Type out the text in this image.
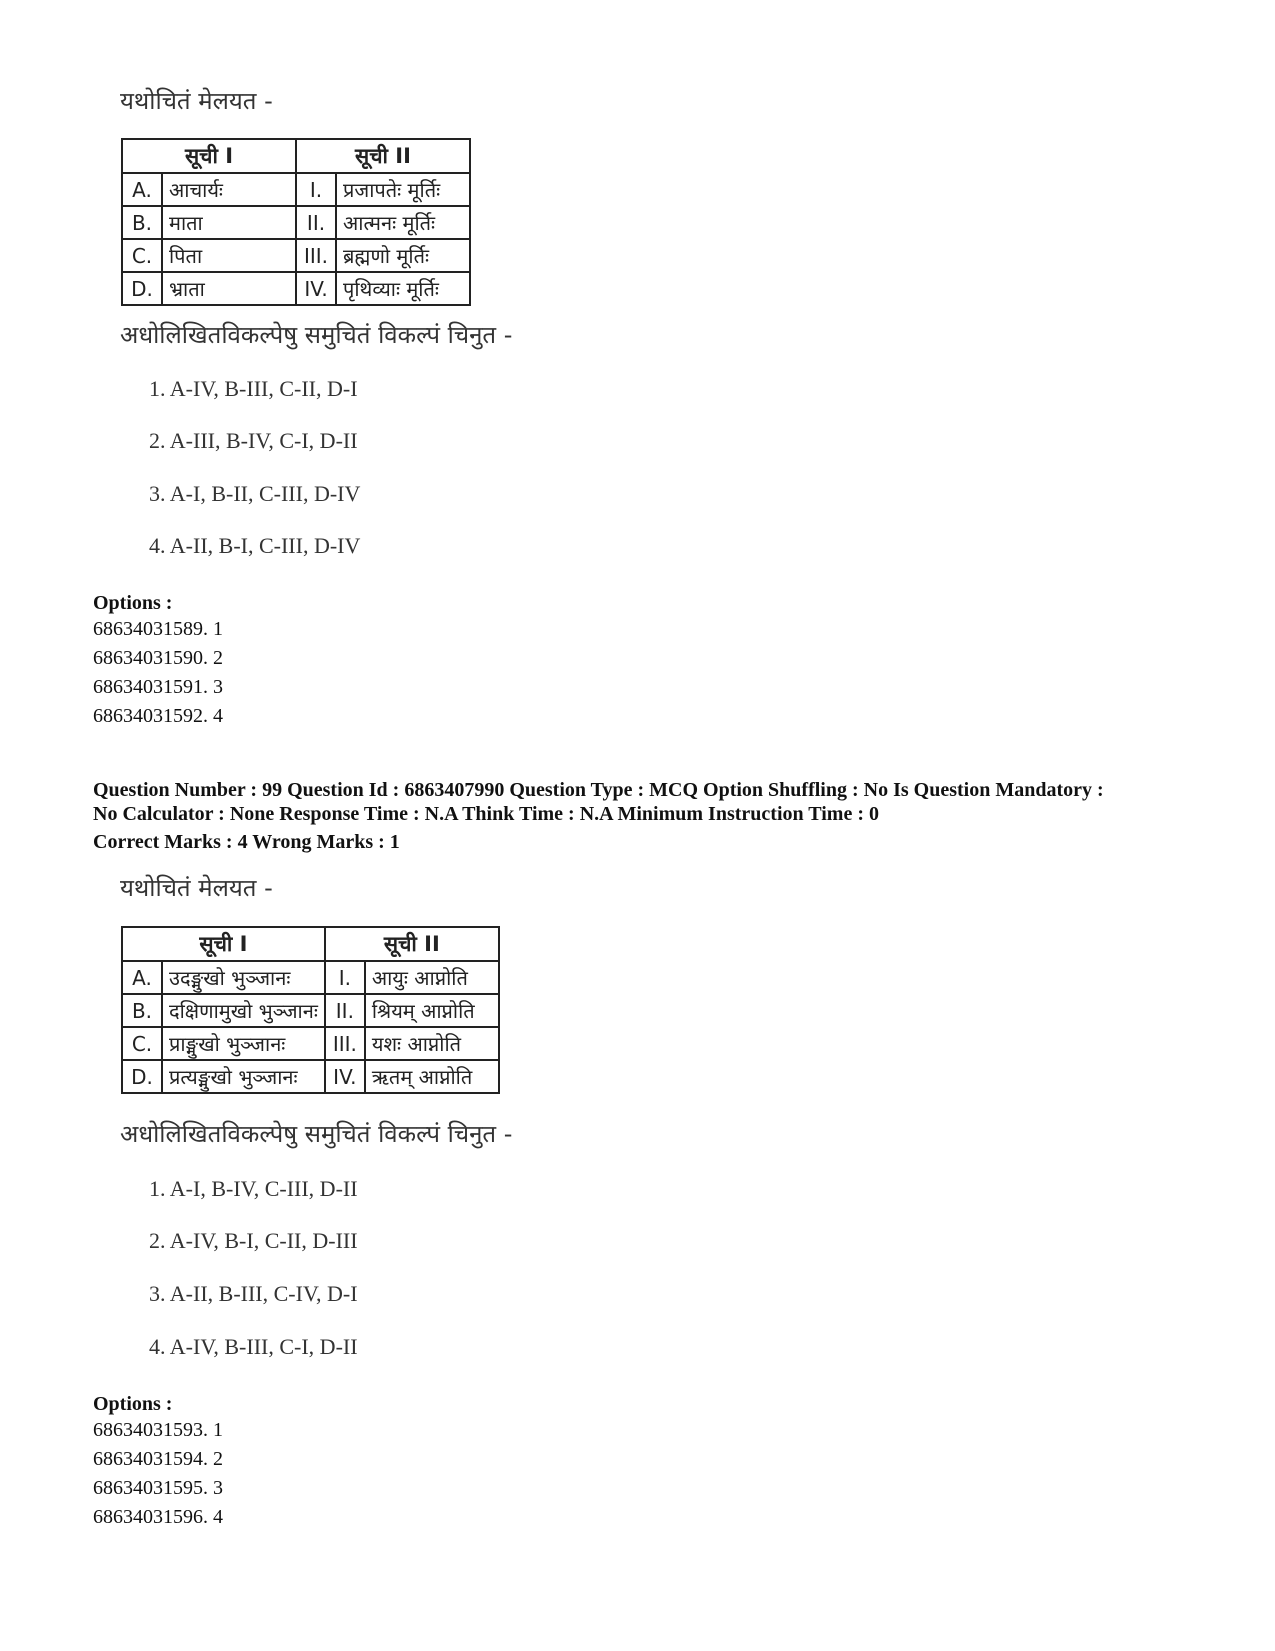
यथोचितं मेलयत -
सूची I		सूची II	
A.	आचार्यः	I.	प्रजापतेः मूर्तिः
B.	माता	II.	आत्मनः मूर्तिः
C.	पिता	III.	ब्रह्मणो मूर्तिः
D.	भ्राता	IV.	पृथिव्याः मूर्तिः
अधोलिखितविकल्पेषु समुचितं विकल्पं चिनुत -
1. A-IV, B-III, C-II, D-I
2. A-III, B-IV, C-I, D-II
3. A-I, B-II, C-III, D-IV
4. A-II, B-I, C-III, D-IV
Options :
68634031589. 1
68634031590. 2
68634031591. 3
68634031592. 4
Question Number : 99 Question Id : 6863407990 Question Type : MCQ Option Shuffling : No Is Question Mandatory :
No Calculator : None Response Time : N.A Think Time : N.A Minimum Instruction Time : 0
Correct Marks : 4 Wrong Marks : 1
यथोचितं मेलयत -
सूची I		सूची II	
A.	उदङ्मुखो भुञ्जानः	I.	आयुः आप्नोति
B.	दक्षिणामुखो भुञ्जानः	II.	श्रियम् आप्नोति
C.	प्राङ्मुखो भुञ्जानः	III.	यशः आप्नोति
D.	प्रत्यङ्मुखो भुञ्जानः	IV.	ऋतम् आप्नोति
अधोलिखितविकल्पेषु समुचितं विकल्पं चिनुत -
1. A-I, B-IV, C-III, D-II
2. A-IV, B-I, C-II, D-III
3. A-II, B-III, C-IV, D-I
4. A-IV, B-III, C-I, D-II
Options :
68634031593. 1
68634031594. 2
68634031595. 3
68634031596. 4
